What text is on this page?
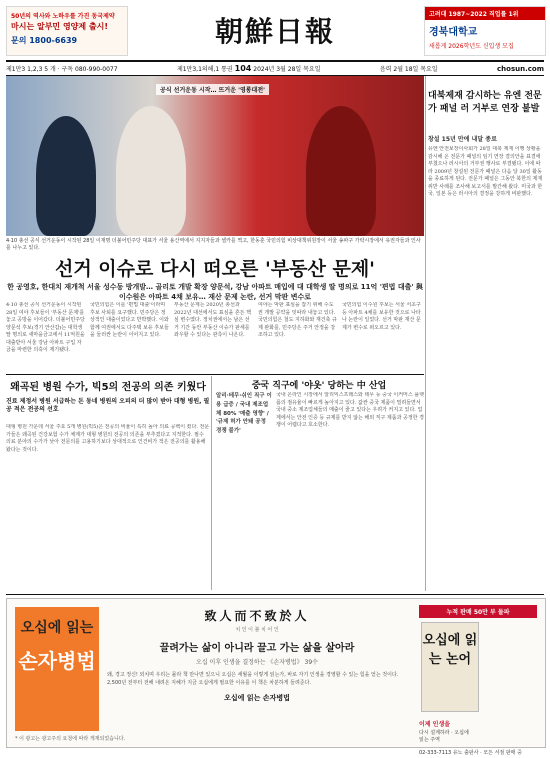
50년의 역사와 노하우를 가진 동국제약
마시는 알부민 영양제 출시!
문의 1800-6639	朝鮮日報
고려대 1987~2022 직업률 1위
경북대학교
새롭게 2026학년도 신입생 모집
제1만3 1,2,3 5 개 · 구독 080-990-0077	제1만3,1의해,1 통권 104 2024년 3월 28일 목요일	음력 2월 18일 목요일	chosun.com
공식 선거운동 시작… 뜨거운 '영롱대전'
4·10 총선 공식 선거운동이 시작된 28일 이재명 더불어민주당 대표가 서울 용산역에서 지지자들과 셀카를 찍고, 한동훈 국민의힘 비상대책위원장이 서울 송파구 가락시장에서 유권자들과 인사를 나누고 있다.
선거 이슈로 다시 떠오른 '부동산 문제'
한 공영호, 한대치 재개척 서울 성수동 방개발… 골리토 개발 확장 양문석, 강남 아파트 매입에 대 대학생 딸 명의로 11억 '편법 대출' 與 이수원은 아파트 4채 보유… 재산 문제 논란, 선거 막판 변수로
4·10 총선 공식 선거운동이 시작된 28일 여야 후보들이 '부동산 문제'를 놓고 공방을 이어갔다. 더불어민주당 양문석 후보(경기 안산갑)는 대학생 딸 명의로 새마을금고에서 11억원을 대출받아 서울 강남 아파트 구입 자금을 마련한 의혹이 제기됐다.
국민의힘은 이를 '편법 대출'이라며 후보 사퇴를 요구했다. 민주당은 정상적인 대출이었다고 반박했다. 이와 함께 여권에서도 다주택 보유 후보들을 둘러싼 논란이 이어지고 있다.
부동산 문제는 2020년 총선과 2022년 대선에서도 표심을 흔든 핵심 변수였다. 정치권에서는 남은 선거 기간 동안 부동산 이슈가 판세를 좌우할 수 있다는 관측이 나온다.
여야는 막판 표심을 잡기 위해 수도권 개발 공약을 잇따라 내놓고 있다. 국민의힘은 철도 지하화와 재건축 규제 완화를, 민주당은 주거 안정을 강조하고 있다.
국민의힘 이수원 후보는 서울 서초구 등 아파트 4채를 보유한 것으로 나타나 논란이 일었다. 선거 막판 재산 문제가 변수로 떠오르고 있다.
대북제재 감시하는 유엔 전문가 패널 러 거부로 연장 불발
창설 15년 만에 내달 종료
유엔 안전보장이사회가 28일 대북 제재 이행 상황을 감시해 온 전문가 패널의 임기 연장 결의안을 표결에 부쳤으나 러시아의 거부권 행사로 부결됐다. 이에 따라 2009년 창설된 전문가 패널은 다음 달 30일 활동을 종료하게 된다. 전문가 패널은 그동안 북한의 제재 위반 사례를 조사해 보고서를 발간해 왔다. 미국과 한국, 일본 등은 러시아의 결정을 강하게 비판했다.
왜곡된 병원 수가, 빅5의 전공의 의존 키웠다
진료 제정서 병원 서급하는 돈 동네 병원의 오피의 더 많이 받아 대형 병원, 필공 적은 전공의 선호
대형 병원 가운데 서울 주요 5개 병원(빅5)은 전공의 비율이 특히 높아 의료 공백이 컸다. 전문가들은 왜곡된 건강보험 수가 체계가 대형 병원의 전공의 의존을 부추겼다고 지적한다. 필수 의료 분야의 수가가 낮아 전문의를 고용하기보다 상대적으로 인건비가 적은 전공의를 활용해 왔다는 것이다.
중국 직구에 '야옷' 당하는 中 산업
알리·테무·쉬인 직구 이용 급증 / 국내 제조업체 80% '매출 영향' / '규제 허가 안돼 공정 경쟁 불가'
국내 온라인 시장에서 알리익스프레스와 테무 등 중국 이커머스 플랫폼의 점유율이 빠르게 높아지고 있다. 값싼 중국 제품이 밀려들면서 국내 중소 제조업체들의 매출이 줄고 있다는 우려가 커지고 있다. 업계에서는 안전 인증 등 규제를 받지 않는 해외 직구 제품과 공정한 경쟁이 어렵다고 호소한다.
오십에 읽는
손자병법
致人而不致於人
치 인 이 불 치 어 인
끌려가는 삶이 아니라 끌고 가는 삶을 살아라
오십 이후 인생을 결정하는 《손자병법》 39수
왜, 경고 정신! 외치며 우리는 몰라 책 만나면 있으니 오십은 세월을 이렇게 읽는가, 바로 자기 인생을 경영할 수 있는 힘을 얻는 것이다. 2,500년 전부터 전해 내려온 지혜가 지금 오십에게 필요한 이유를 이 책은 차분하게 들려준다.
오십에 읽는 손자병법
누적 판매 50만 부 돌파
오십에 읽는 논어
이제 인생을
다시 설계하라 · 오십에 읽는 주역
02-333-7113 유노 출판사 · 모든 서점 판매 중
* 이 광고는 광고주의 요청에 따라 게재되었습니다.
